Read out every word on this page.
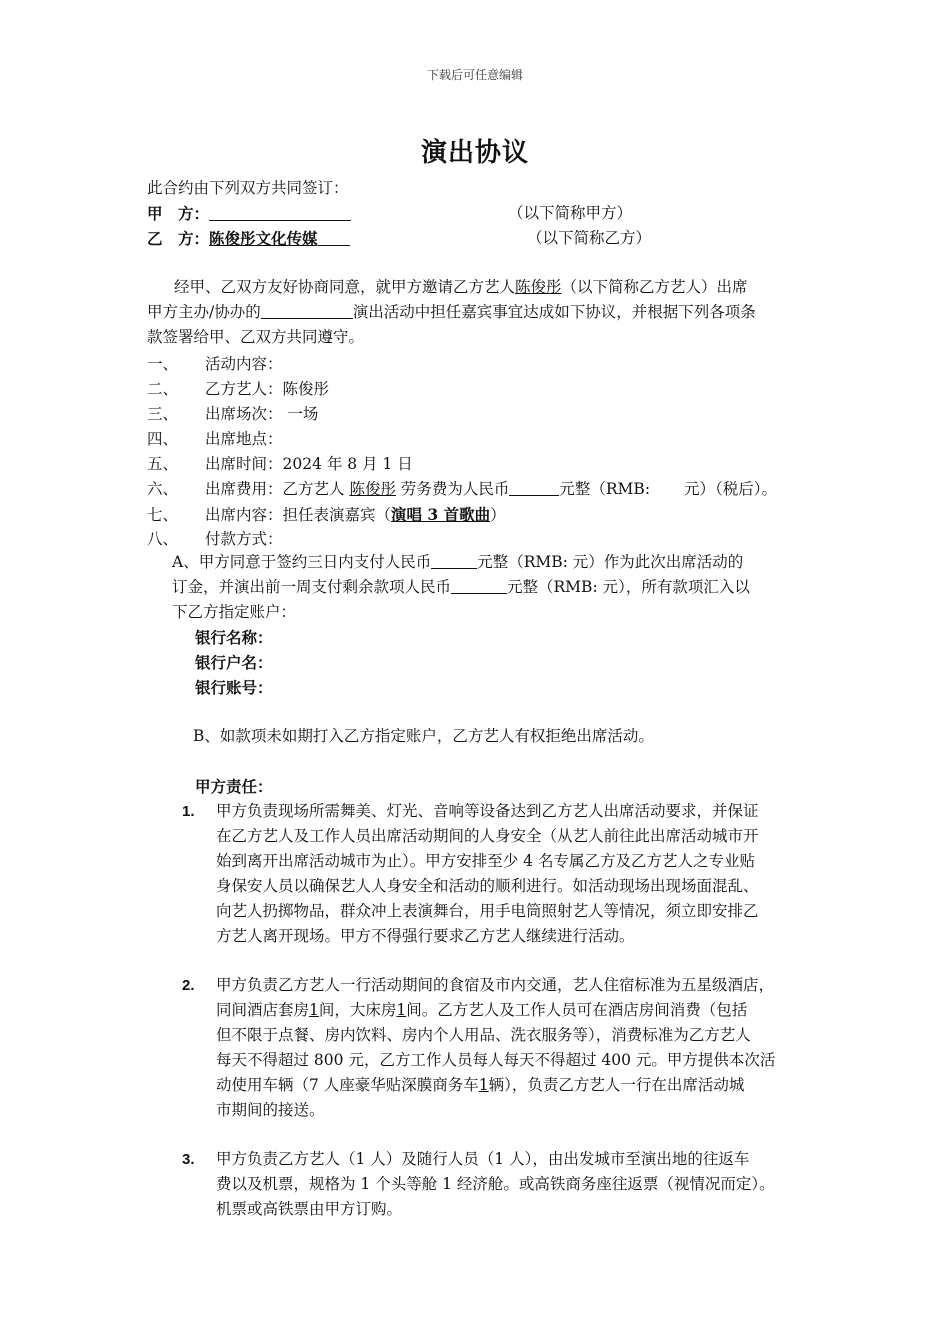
下载后可任意编辑
演出协议
此合约由下列双方共同签订：
甲　方：	（以下简称甲方）
乙　方：陈俊彤文化传媒	（以下简称乙方）
经甲、乙双方友好协商同意，就甲方邀请乙方艺人陈俊彤（以下简称乙方艺人）出席
甲方主办/协办的	演出活动中担任嘉宾事宜达成如下协议，并根据下列各项条
款签署给甲、乙双方共同遵守。
一、 活动内容：
二、 乙方艺人：陈俊彤
三、 出席场次： 一场
四、 出席地点：
五、 出席时间：2024 年 8 月 1 日
六、 出席费用：乙方艺人 陈俊彤 劳务费为人民币	元整（RMB: 元）（税后）。
七、 出席内容：担任表演嘉宾（演唱 3 首歌曲）
八、 付款方式：
A、甲方同意于签约三日内支付人民币	元整（RMB: 元）作为此次出席活动的
订金，并演出前一周支付剩余款项人民币	元整（RMB: 元），所有款项汇入以
下乙方指定账户：
银行名称：
银行户名：
银行账号：
B、如款项未如期打入乙方指定账户，乙方艺人有权拒绝出席活动。
甲方责任：
1. 甲方负责现场所需舞美、灯光、音响等设备达到乙方艺人出席活动要求，并保证
在乙方艺人及工作人员出席活动期间的人身安全（从艺人前往此出席活动城市开
始到离开出席活动城市为止）。甲方安排至少 4 名专属乙方及乙方艺人之专业贴
身保安人员以确保艺人人身安全和活动的顺利进行。如活动现场出现场面混乱、
向艺人扔掷物品，群众冲上表演舞台，用手电筒照射艺人等情况，须立即安排乙
方艺人离开现场。甲方不得强行要求乙方艺人继续进行活动。
2. 甲方负责乙方艺人一行活动期间的食宿及市内交通，艺人住宿标准为五星级酒店，
同间酒店套房1间，大床房1间。乙方艺人及工作人员可在酒店房间消费（包括
但不限于点餐、房内饮料、房内个人用品、洗衣服务等），消费标准为乙方艺人
每天不得超过 800 元，乙方工作人员每人每天不得超过 400 元。甲方提供本次活
动使用车辆（7 人座豪华贴深膜商务车1辆），负责乙方艺人一行在出席活动城
市期间的接送。
3. 甲方负责乙方艺人（1 人）及随行人员（1 人），由出发城市至演出地的往返车
费以及机票，规格为 1 个头等舱 1 经济舱。或高铁商务座往返票（视情况而定）。
机票或高铁票由甲方订购。
